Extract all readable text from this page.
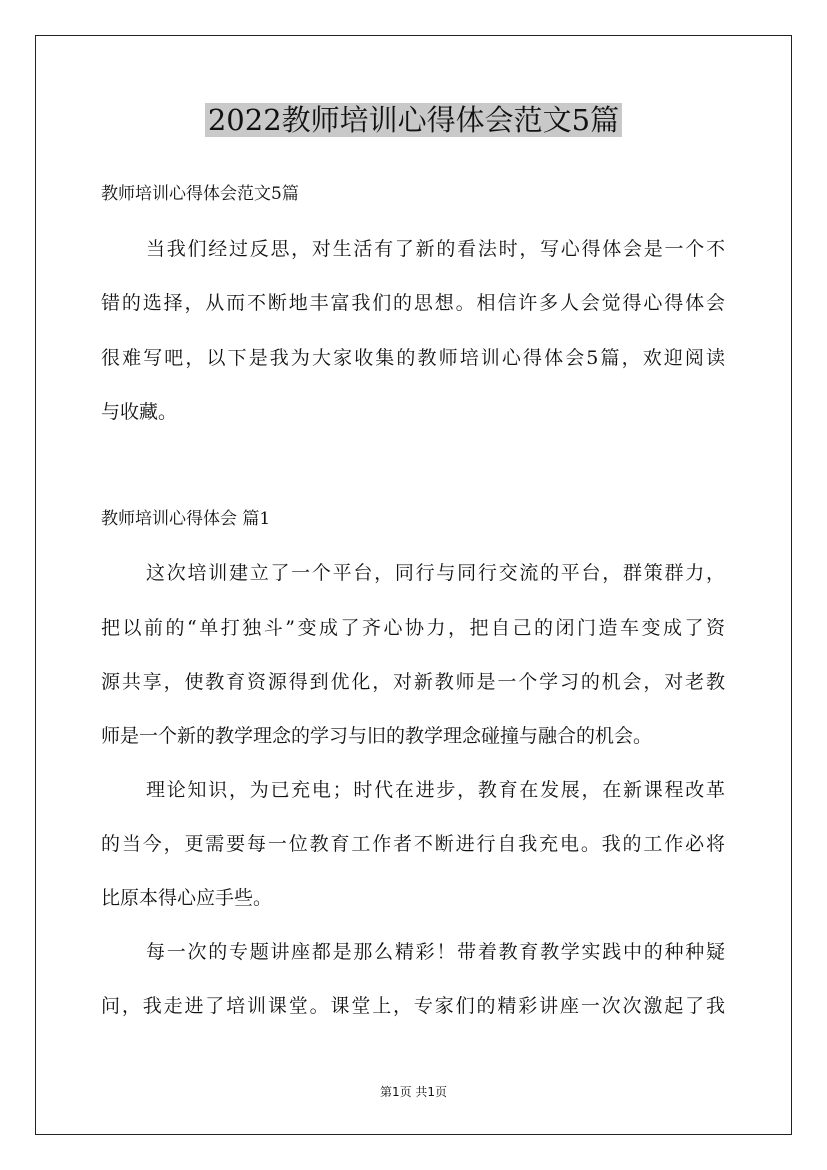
2022教师培训心得体会范文5篇
教师培训心得体会范文5篇
当我们经过反思，对生活有了新的看法时，写心得体会是一个不
错的选择，从而不断地丰富我们的思想。相信许多人会觉得心得体会
很难写吧，以下是我为大家收集的教师培训心得体会5篇，欢迎阅读
与收藏。
教师培训心得体会 篇1
这次培训建立了一个平台，同行与同行交流的平台，群策群力，
把以前的“单打独斗”变成了齐心协力，把自己的闭门造车变成了资
源共享，使教育资源得到优化，对新教师是一个学习的机会，对老教
师是一个新的教学理念的学习与旧的教学理念碰撞与融合的机会。
理论知识，为已充电；时代在进步，教育在发展，在新课程改革
的当今，更需要每一位教育工作者不断进行自我充电。我的工作必将
比原本得心应手些。
每一次的专题讲座都是那么精彩！带着教育教学实践中的种种疑
问，我走进了培训课堂。课堂上，专家们的精彩讲座一次次激起了我
第1页 共1页
